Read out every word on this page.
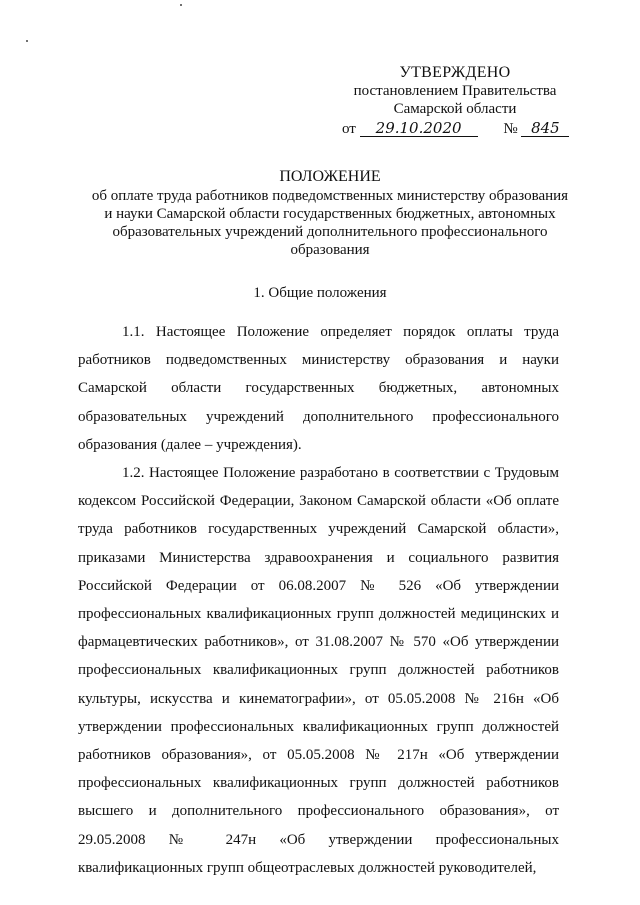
УТВЕРЖДЕНО
постановлением Правительства
Самарской области
от 29.10.2020	№ 845
ПОЛОЖЕНИЕ
об оплате труда работников подведомственных министерству образования
и науки Самарской области государственных бюджетных, автономных
образовательных учреждений дополнительного профессионального
образования
1. Общие положения

1.1. Настоящее Положение определяет порядок оплаты труда работников подведомственных министерству образования и науки Самарской области государственных бюджетных, автономных образовательных учреждений дополнительного профессионального образования (далее – учреждения).

1.2. Настоящее Положение разработано в соответствии с Трудовым кодексом Российской Федерации, Законом Самарской области «Об оплате труда работников государственных учреждений Самарской области», приказами Министерства здравоохранения и социального развития Российской Федерации от 06.08.2007 № 526 «Об утверждении профессиональных квалификационных групп должностей медицинских и фармацевтических работников», от 31.08.2007 № 570 «Об утверждении профессиональных квалификационных групп должностей работников культуры, искусства и кинематографии», от 05.05.2008 № 216н «Об утверждении профессиональных квалификационных групп должностей работников образования», от 05.05.2008 № 217н «Об утверждении профессиональных квалификационных групп должностей работников высшего и дополнительного профессионального образования», от 29.05.2008 № 247н «Об утверждении профессиональных квалификационных групп общеотраслевых должностей руководителей,
